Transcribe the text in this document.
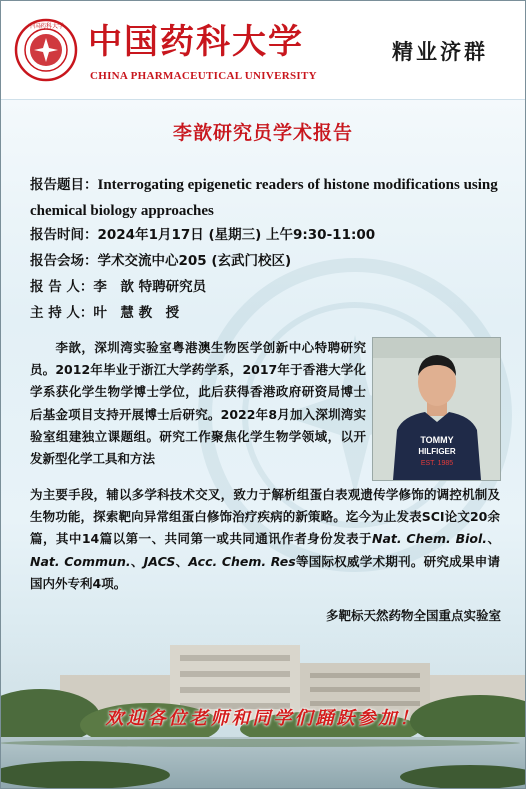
中国药科大学 中国药科大学
CHINA PHARMACEUTICAL UNIVERSITY
精业济群
李歆研究员学术报告
报告题目：Interrogating epigenetic readers of histone modifications using chemical biology approaches
报告时间：2024年1月17日 (星期三) 上午9:30-11:00
报告会场：学术交流中心205 (玄武门校区)
报 告 人：李　歆 特聘研究员
主 持 人：叶　慧 教　授
TOMMY
HILFIGER
EST. 1985
李歆，深圳湾实验室粤港澳生物医学创新中心特聘研究员。2012年毕业于浙江大学药学系，2017年于香港大学化学系获化学生物学博士学位，此后获得香港政府研资局博士后基金项目支持开展博士后研究。2022年8月加入深圳湾实验室组建独立课题组。研究工作聚焦化学生物学领域，以开发新型化学工具和方法
为主要手段，辅以多学科技术交叉，致力于解析组蛋白表观遗传学修饰的调控机制及生物功能，探索靶向异常组蛋白修饰治疗疾病的新策略。迄今为止发表SCI论文20余篇，其中14篇以第一、共同第一或共同通讯作者身份发表于Nat. Chem. Biol.、Nat. Commun.、JACS、Acc. Chem. Res等国际权威学术期刊。研究成果申请国内外专利4项。
多靶标天然药物全国重点实验室
欢迎各位老师和同学们踊跃参加！
